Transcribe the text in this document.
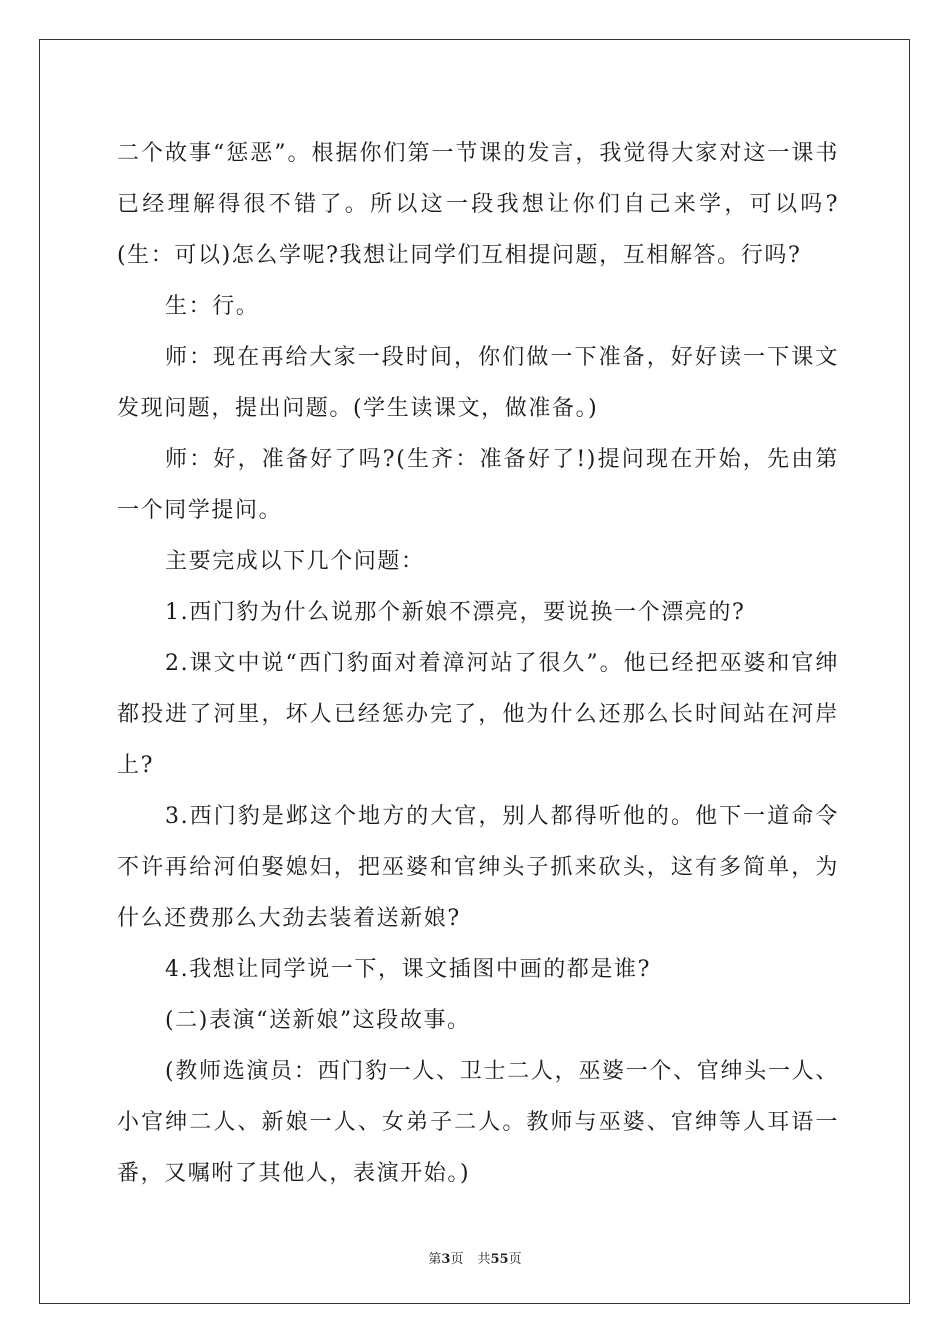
二个故事“惩恶”。根据你们第一节课的发言，我觉得大家对这一课书已经理解得很不错了。所以这一段我想让你们自己来学，可以吗?(生：可以)怎么学呢?我想让同学们互相提问题，互相解答。行吗?

生：行。

师：现在再给大家一段时间，你们做一下准备，好好读一下课文发现问题，提出问题。(学生读课文，做准备。)

师：好，准备好了吗?(生齐：准备好了!)提问现在开始，先由第一个同学提问。

主要完成以下几个问题：

1.西门豹为什么说那个新娘不漂亮，要说换一个漂亮的?

2.课文中说“西门豹面对着漳河站了很久”。他已经把巫婆和官绅都投进了河里，坏人已经惩办完了，他为什么还那么长时间站在河岸上?

3.西门豹是邺这个地方的大官，别人都得听他的。他下一道命令不许再给河伯娶媳妇，把巫婆和官绅头子抓来砍头，这有多简单，为什么还费那么大劲去装着送新娘?

4.我想让同学说一下，课文插图中画的都是谁?

(二)表演“送新娘”这段故事。

(教师选演员：西门豹一人、卫士二人，巫婆一个、官绅头一人、小官绅二人、新娘一人、女弟子二人。教师与巫婆、官绅等人耳语一番，又嘱咐了其他人，表演开始。)

第3页 共55页
